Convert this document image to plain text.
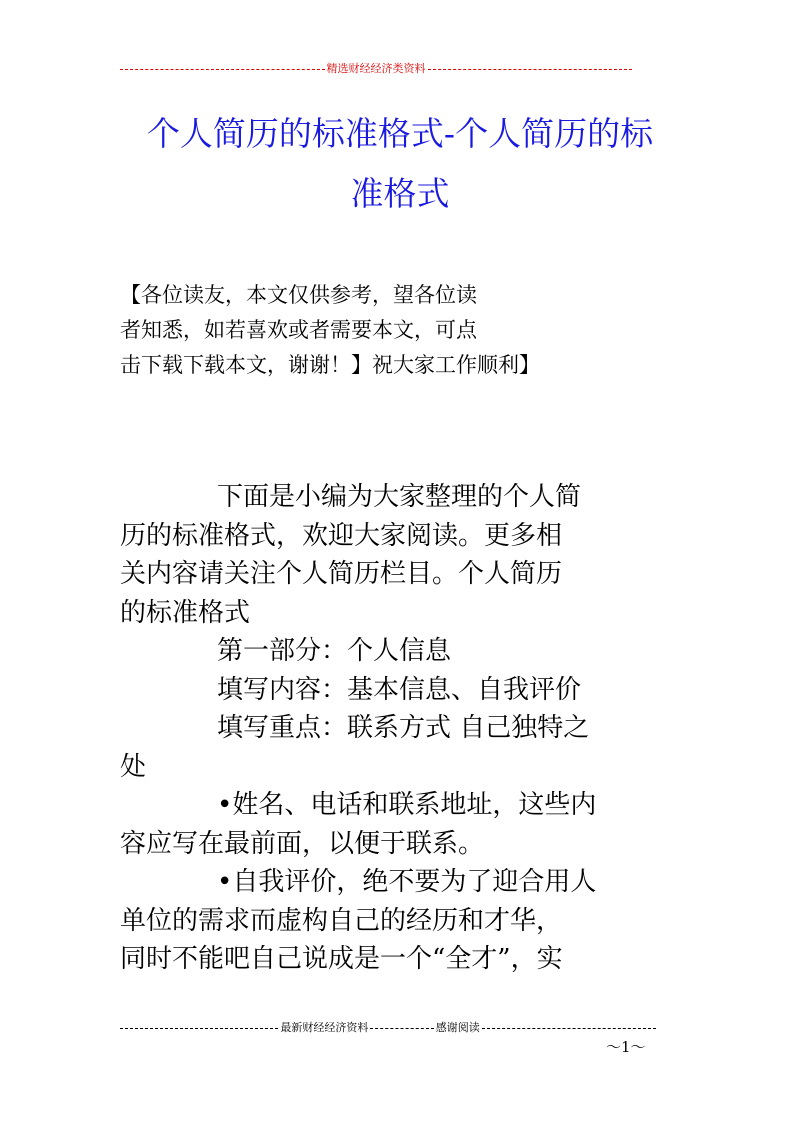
精选财经经济类资料
个人简历的标准格式-个人简历的标
准格式
【各位读友，本文仅供参考，望各位读
者知悉，如若喜欢或者需要本文，可点
击下载下载本文，谢谢！】祝大家工作顺利】
下面是小编为大家整理的个人简
历的标准格式，欢迎大家阅读。更多相
关内容请关注个人简历栏目。个人简历
的标准格式
第一部分：个人信息
填写内容：基本信息、自我评价
填写重点：联系方式 自己独特之
处
•姓名、电话和联系地址，这些内
容应写在最前面，以便于联系。
•自我评价，绝不要为了迎合用人
单位的需求而虚构自己的经历和才华，
同时不能吧自己说成是一个“全才”，实
最新财经经济资料	感谢阅读
～1～
